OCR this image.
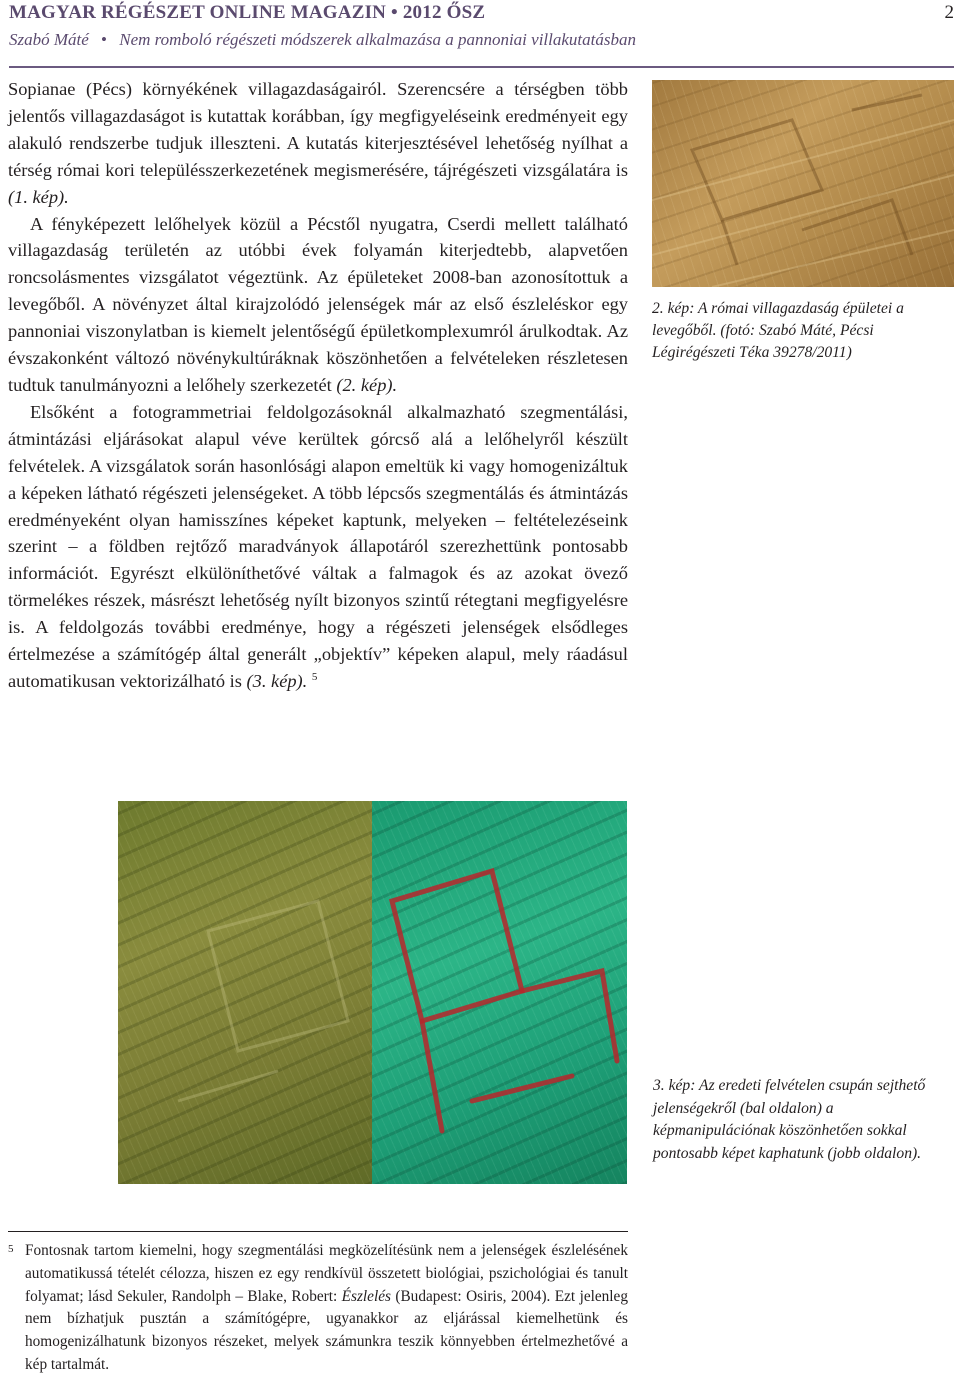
MAGYAR RÉGÉSZET ONLINE MAGAZIN • 2012 ŐSZ	2
Szabó Máté • Nem romboló régészeti módszerek alkalmazása a pannoniai villakutatásban

Sopianae (Pécs) környékének villagazdaságairól. Szerencsére a térségben több jelentős villagazdaságot is kutattak korábban, így megfigyeléseink eredményeit egy alakuló rendszerbe tudjuk illeszteni. A kutatás kiterjesztésével lehetőség nyílhat a térség római kori településszerkezetének megismerésére, tájrégészeti vizsgálatára is (1. kép).

A fényképezett lelőhelyek közül a Pécstől nyugatra, Cserdi mellett található villagazdaság területén az utóbbi évek folyamán kiterjedtebb, alapvetően roncsolásmentes vizsgálatot végeztünk. Az épületeket 2008-ban azonosítottuk a levegőből. A növényzet által kirajzolódó jelenségek már az első észleléskor egy pannoniai viszonylatban is kiemelt jelentőségű épületkomplexumról árulkodtak. Az évszakonként változó növénykultúráknak köszönhetően a felvételeken részletesen tudtuk tanulmányozni a lelőhely szerkezetét (2. kép).

Elsőként a fotogrammetriai feldolgozásoknál alkalmazható szegmentálási, átmintázási eljárásokat alapul véve kerültek górcső alá a lelőhelyről készült felvételek. A vizsgálatok során hasonlósági alapon emeltük ki vagy homogenizáltuk a képeken látható régészeti jelenségeket. A több lépcsős szegmentálás és átmintázás eredményeként olyan hamisszínes képeket kaptunk, melyeken – feltételezéseink szerint – a földben rejtőző maradványok állapotáról szerezhettünk pontosabb információt. Egyrészt elkülöníthetővé váltak a falmagok és az azokat övező törmelékes részek, másrészt lehetőség nyílt bizonyos szintű rétegtani megfigyelésre is. A feldolgozás további eredménye, hogy a régészeti jelenségek elsődleges értelmezése a számítógép által generált „objektív” képeken alapul, mely ráadásul automatikusan vektorizálható is (3. kép). $^5$

2. kép: A római villagazdaság épületei a levegőből. (fotó: Szabó Máté, Pécsi Légirégészeti Téka 39278/2011)
3. kép: Az eredeti felvételen csupán sejthető jelenségekről (bal oldalon) a képmanipulációnak köszönhetően sokkal pontosabb képet kaphatunk (jobb oldalon).
5 Fontosnak tartom kiemelni, hogy szegmentálási megközelítésünk nem a jelenségek észlelésének automatikussá tételét célozza, hiszen ez egy rendkívül összetett biológiai, pszichológiai és tanult folyamat; lásd Sekuler, Randolph – Blake, Robert: Észlelés (Budapest: Osiris, 2004). Ezt jelenleg nem bízhatjuk pusztán a számítógépre, ugyanakkor az eljárással kiemelhetünk és homogenizálhatunk bizonyos részeket, melyek számunkra teszik könnyebben értelmezhetővé a kép tartalmát.
